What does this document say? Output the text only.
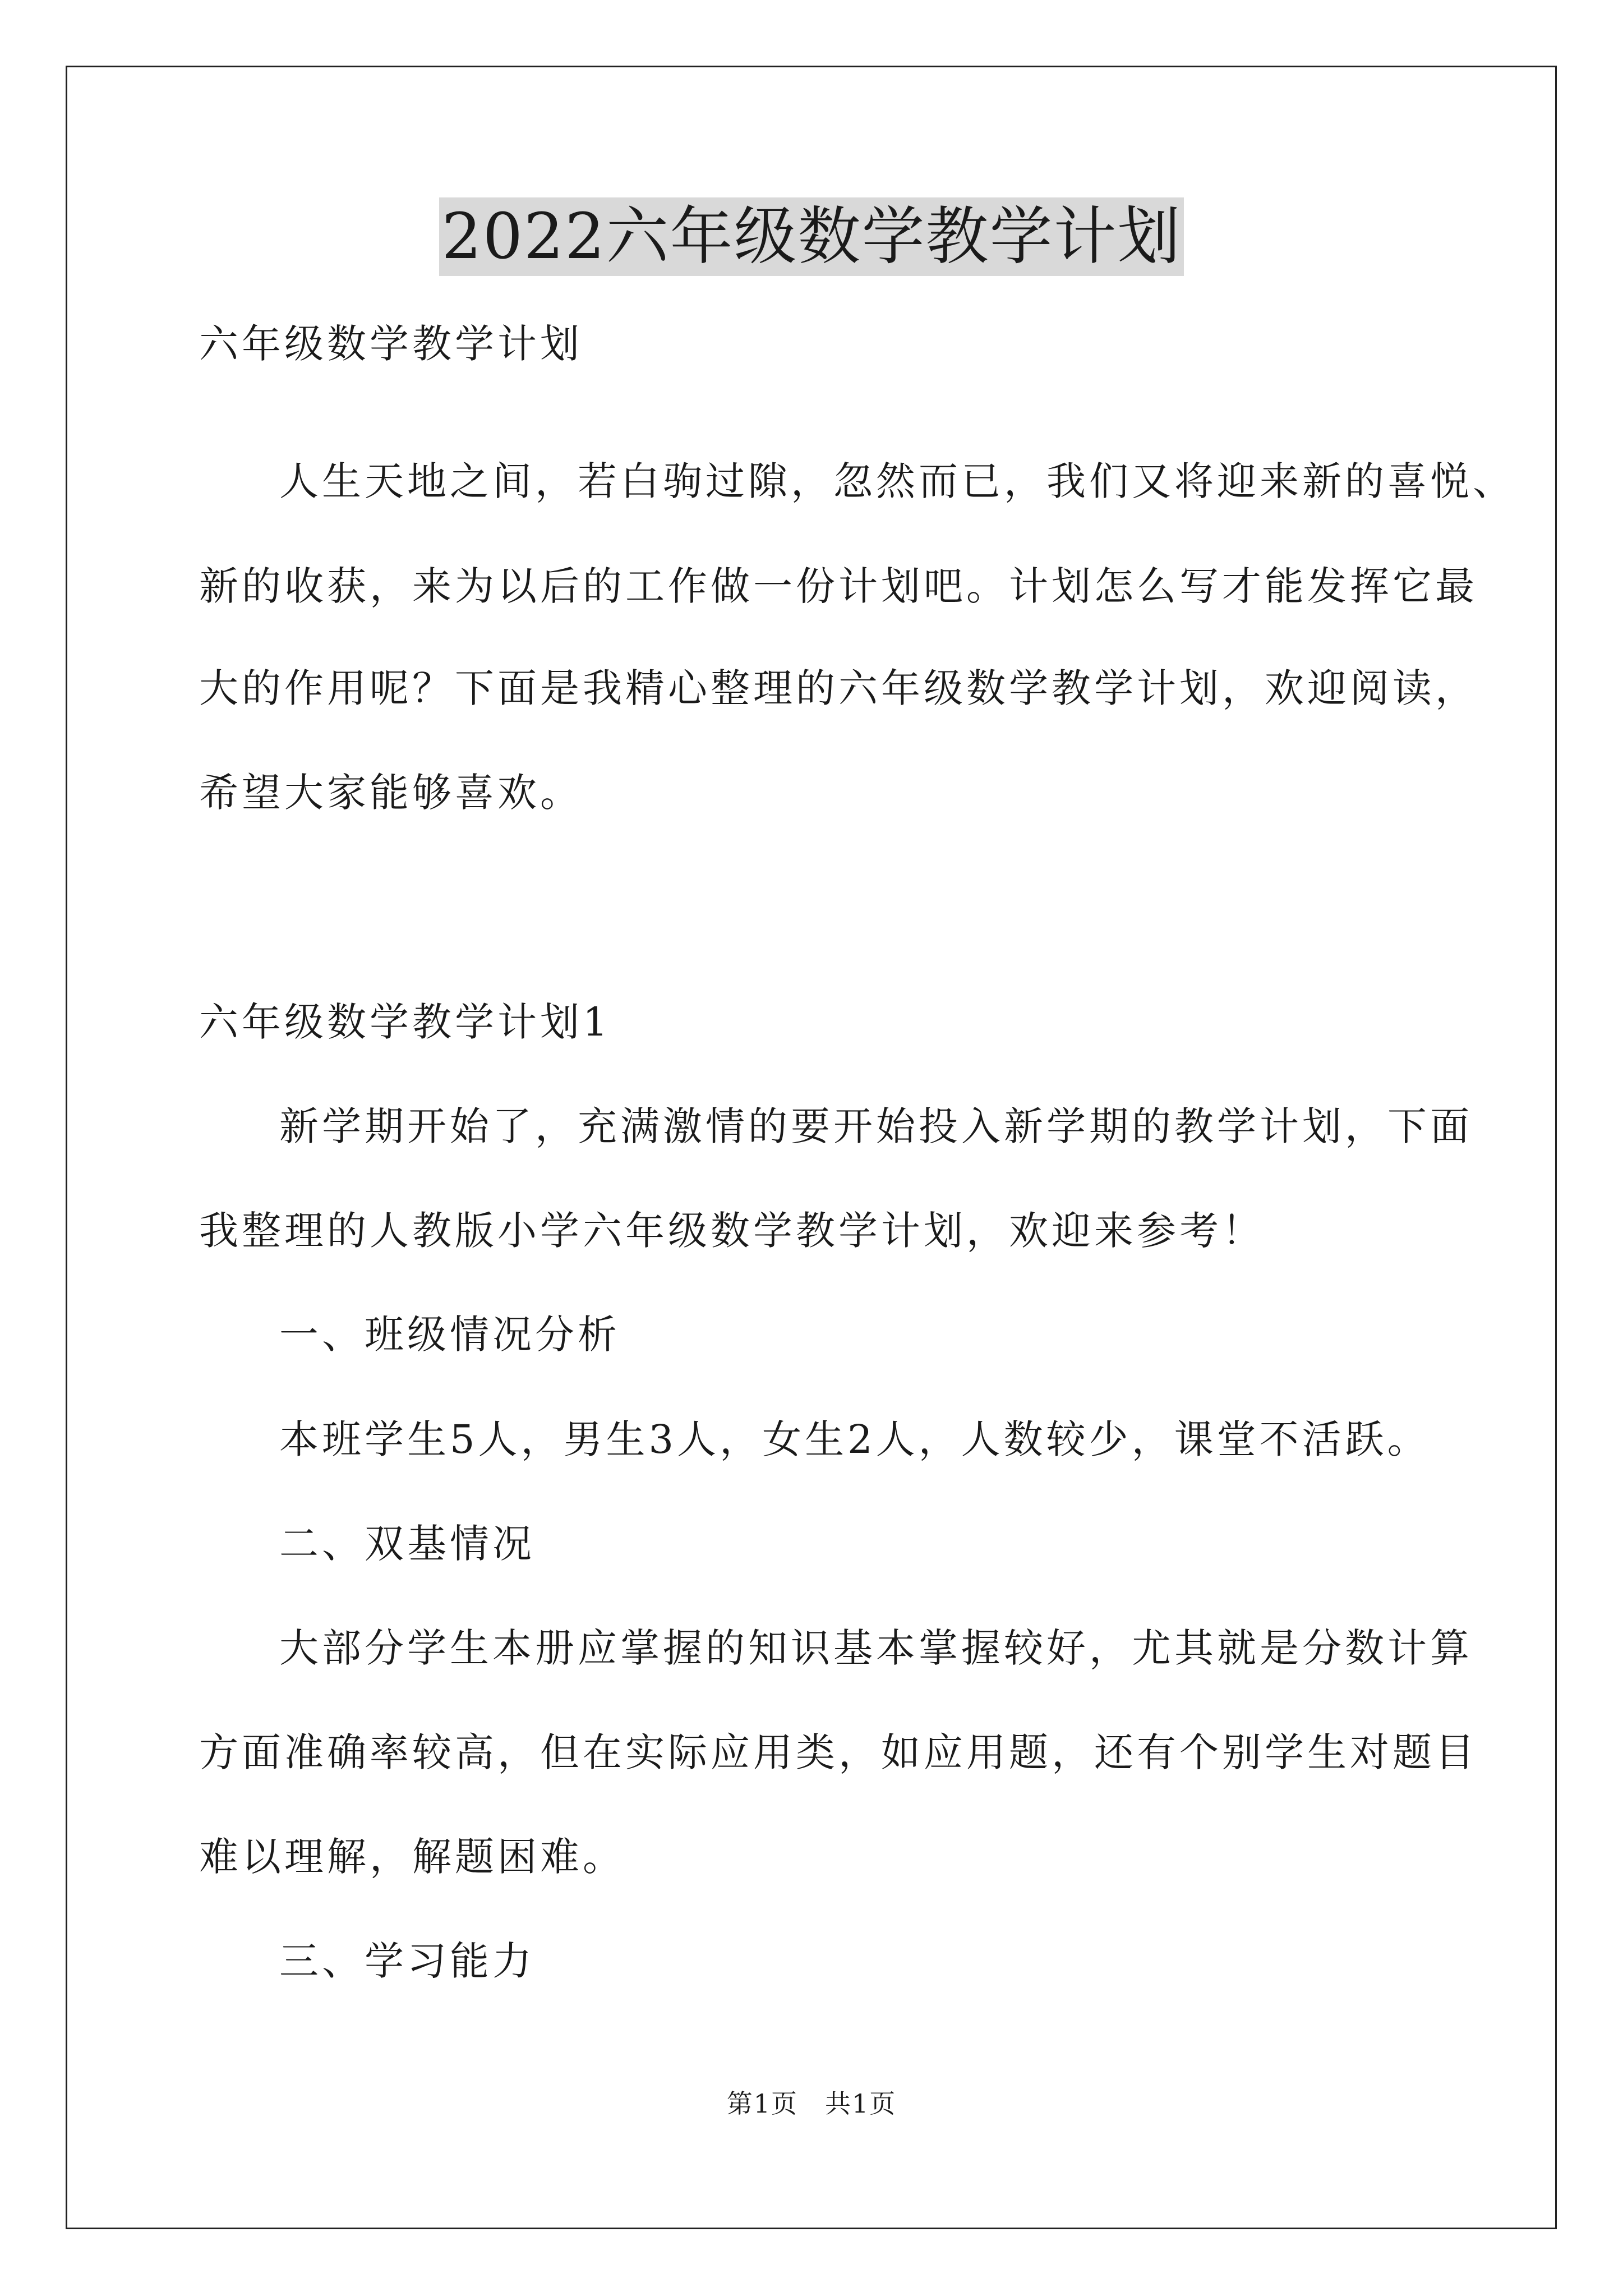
2022六年级数学教学计划
六年级数学教学计划
人生天地之间，若白驹过隙，忽然而已，我们又将迎来新的喜悦、
新的收获，来为以后的工作做一份计划吧。计划怎么写才能发挥它最
大的作用呢？下面是我精心整理的六年级数学教学计划，欢迎阅读，
希望大家能够喜欢。
六年级数学教学计划1
新学期开始了，充满激情的要开始投入新学期的教学计划，下面
我整理的人教版小学六年级数学教学计划，欢迎来参考！
一、班级情况分析
本班学生5人，男生3人，女生2人，人数较少，课堂不活跃。
二、双基情况
大部分学生本册应掌握的知识基本掌握较好，尤其就是分数计算
方面准确率较高，但在实际应用类，如应用题，还有个别学生对题目
难以理解，解题困难。
三、学习能力
第1页 共1页
